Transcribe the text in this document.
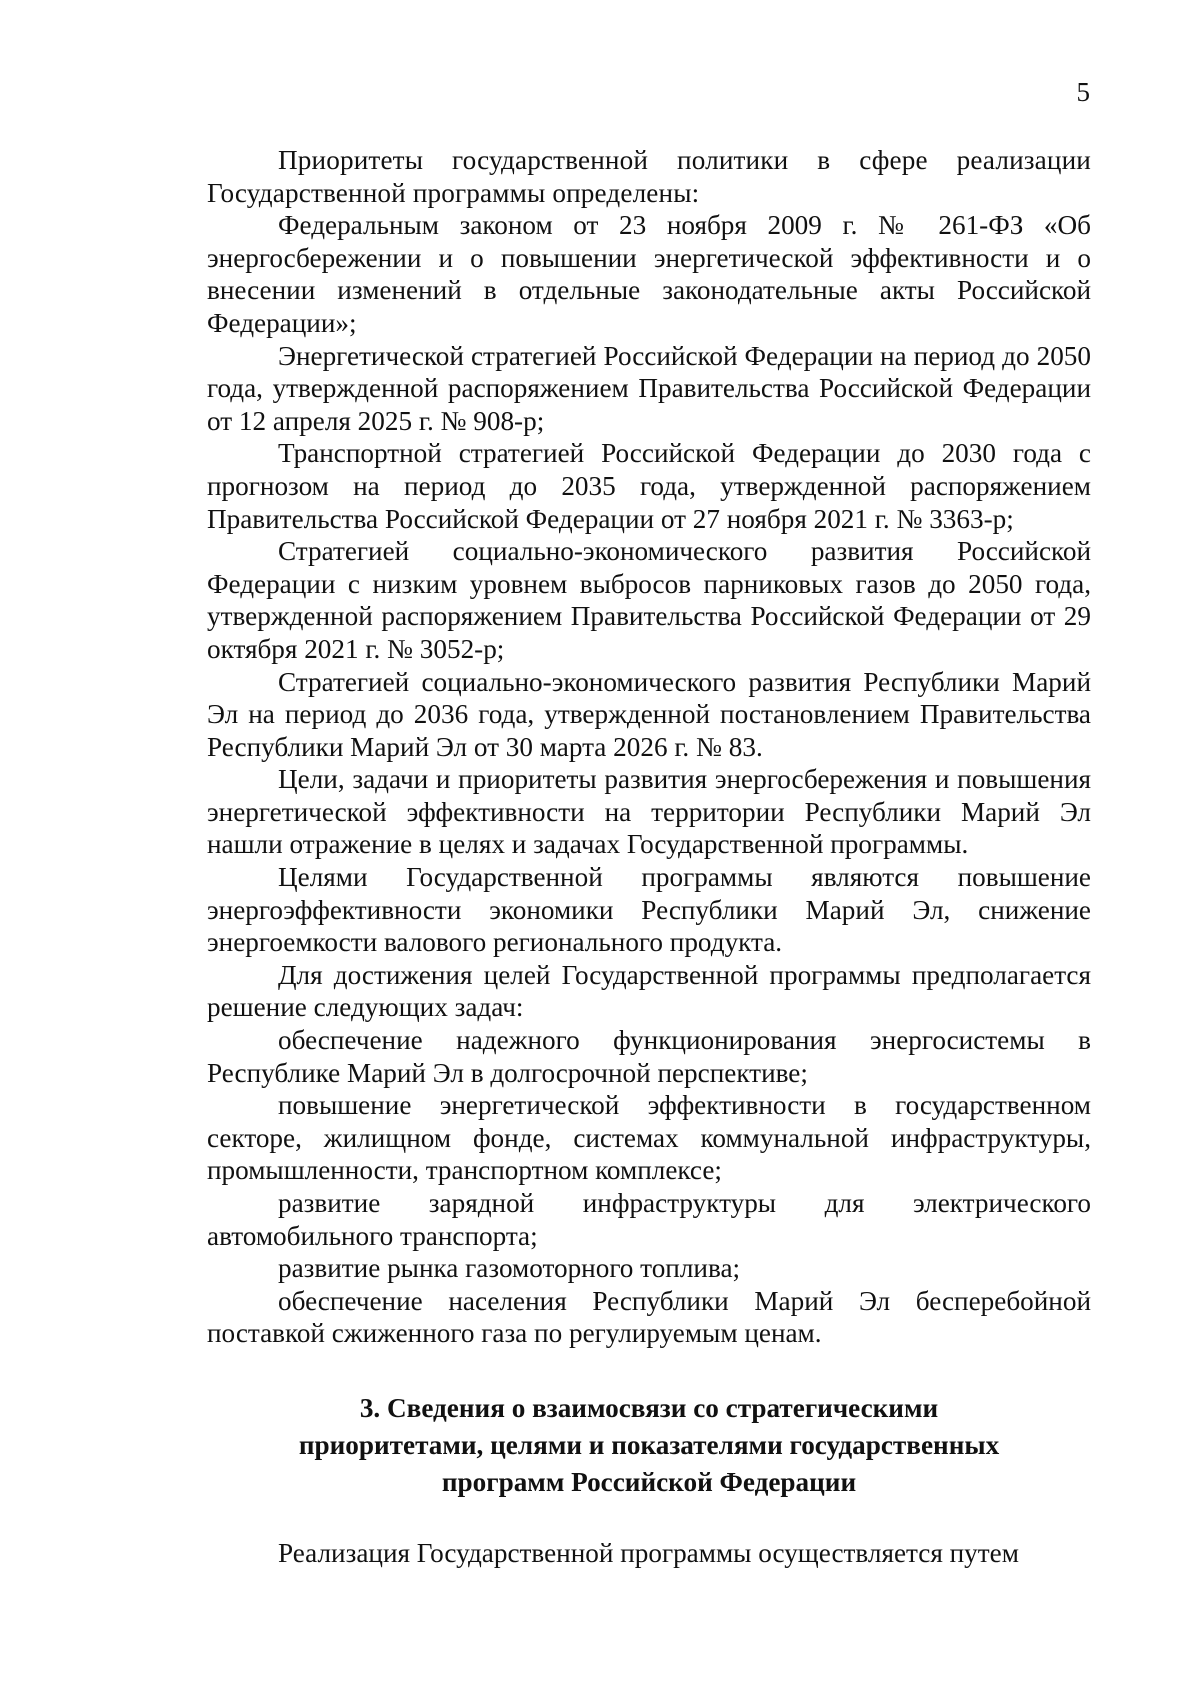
5

Приоритеты государственной политики в сфере реализации Государственной программы определены:

Федеральным законом от 23 ноября 2009 г. № 261-ФЗ «Об энергосбережении и о повышении энергетической эффективности и о внесении изменений в отдельные законодательные акты Российской Федерации»;

Энергетической стратегией Российской Федерации на период до 2050 года, утвержденной распоряжением Правительства Российской Федерации от 12 апреля 2025 г. № 908-р;

Транспортной стратегией Российской Федерации до 2030 года с прогнозом на период до 2035 года, утвержденной распоряжением Правительства Российской Федерации от 27 ноября 2021 г. № 3363-р;

Стратегией социально-экономического развития Российской Федерации с низким уровнем выбросов парниковых газов до 2050 года, утвержденной распоряжением Правительства Российской Федерации от 29 октября 2021 г. № 3052-р;

Стратегией социально-экономического развития Республики Марий Эл на период до 2036 года, утвержденной постановлением Правительства Республики Марий Эл от 30 марта 2026 г. № 83.

Цели, задачи и приоритеты развития энергосбережения и повышения энергетической эффективности на территории Республики Марий Эл нашли отражение в целях и задачах Государственной программы.

Целями Государственной программы являются повышение энергоэффективности экономики Республики Марий Эл, снижение энергоемкости валового регионального продукта.

Для достижения целей Государственной программы предполагается решение следующих задач:

обеспечение надежного функционирования энергосистемы в Республике Марий Эл в долгосрочной перспективе;

повышение энергетической эффективности в государственном секторе, жилищном фонде, системах коммунальной инфраструктуры, промышленности, транспортном комплексе;

развитие зарядной инфраструктуры для электрического автомобильного транспорта;

развитие рынка газомоторного топлива;

обеспечение населения Республики Марий Эл бесперебойной поставкой сжиженного газа по регулируемым ценам.

3. Сведения о взаимосвязи со стратегическими
приоритетами, целями и показателями государственных
программ Российской Федерации

Реализация Государственной программы осуществляется путем
